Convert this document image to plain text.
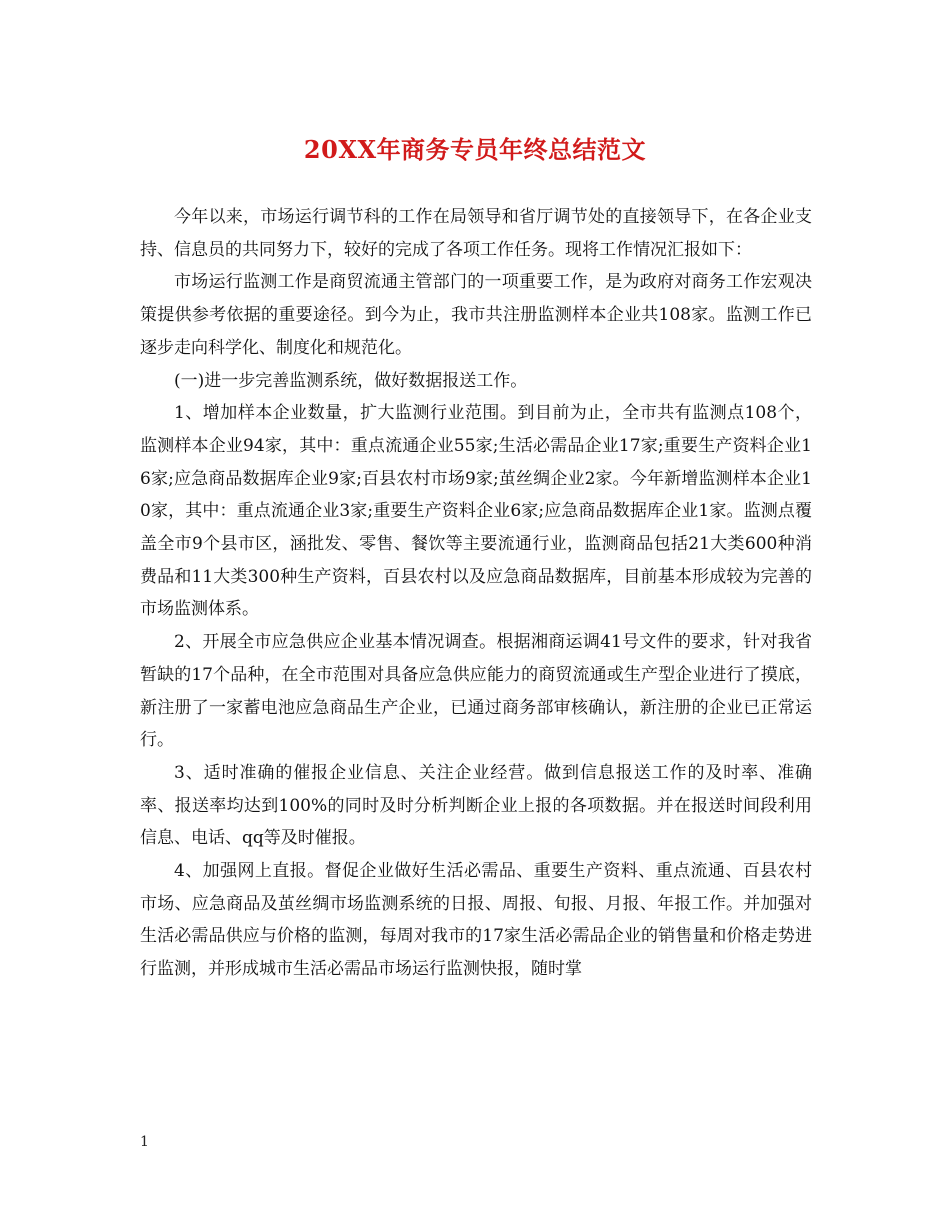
20XX年商务专员年终总结范文

今年以来，市场运行调节科的工作在局领导和省厅调节处的直接领导下，在各企业支持、信息员的共同努力下，较好的完成了各项工作任务。现将工作情况汇报如下：

市场运行监测工作是商贸流通主管部门的一项重要工作，是为政府对商务工作宏观决策提供参考依据的重要途径。到今为止，我市共注册监测样本企业共108家。监测工作已逐步走向科学化、制度化和规范化。

(一)进一步完善监测系统，做好数据报送工作。

1、增加样本企业数量，扩大监测行业范围。到目前为止，全市共有监测点108个，监测样本企业94家，其中：重点流通企业55家;生活必需品企业17家;重要生产资料企业16家;应急商品数据库企业9家;百县农村市场9家;茧丝绸企业2家。今年新增监测样本企业10家，其中：重点流通企业3家;重要生产资料企业6家;应急商品数据库企业1家。监测点覆盖全市9个县市区，涵批发、零售、餐饮等主要流通行业，监测商品包括21大类600种消费品和11大类300种生产资料，百县农村以及应急商品数据库，目前基本形成较为完善的市场监测体系。

2、开展全市应急供应企业基本情况调查。根据湘商运调41号文件的要求，针对我省暂缺的17个品种，在全市范围对具备应急供应能力的商贸流通或生产型企业进行了摸底，新注册了一家蓄电池应急商品生产企业，已通过商务部审核确认，新注册的企业已正常运行。

3、适时准确的催报企业信息、关注企业经营。做到信息报送工作的及时率、准确率、报送率均达到100%的同时及时分析判断企业上报的各项数据。并在报送时间段利用信息、电话、qq等及时催报。

4、加强网上直报。督促企业做好生活必需品、重要生产资料、重点流通、百县农村市场、应急商品及茧丝绸市场监测系统的日报、周报、旬报、月报、年报工作。并加强对生活必需品供应与价格的监测，每周对我市的17家生活必需品企业的销售量和价格走势进行监测，并形成城市生活必需品市场运行监测快报，随时掌

1
